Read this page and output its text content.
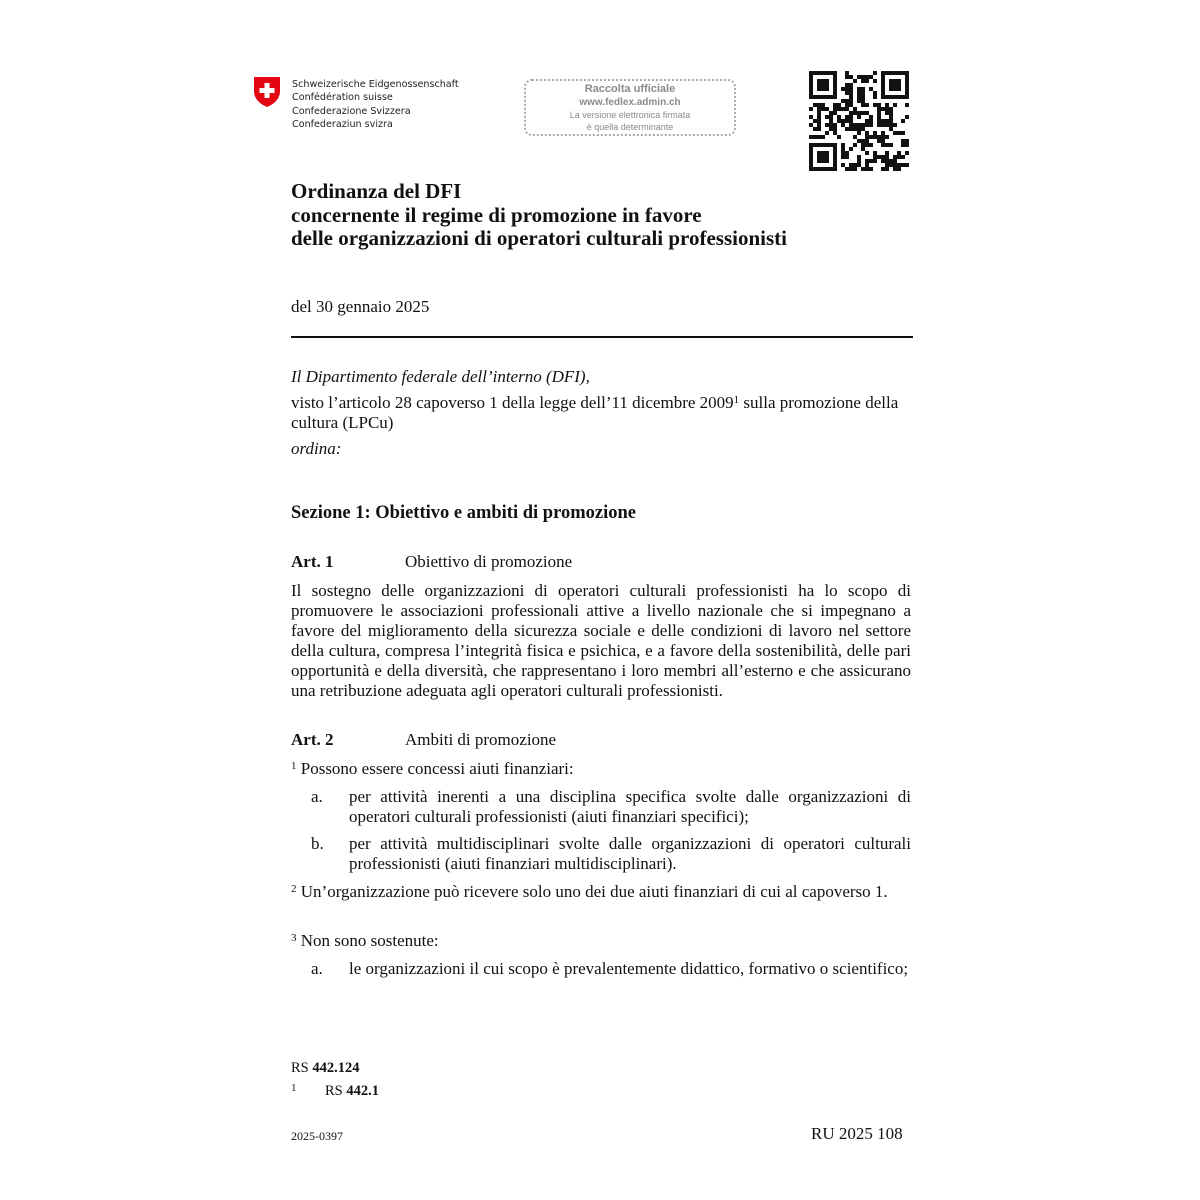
Schweizerische Eidgenossenschaft
Confédération suisse
Confederazione Svizzera
Confederaziun svizra
Raccolta ufficiale
www.fedlex.admin.ch
La versione elettronica firmata
è quella determinante
Ordinanza del DFI
concernente il regime di promozione in favore
delle organizzazioni di operatori culturali professionisti
del 30 gennaio 2025

Il Dipartimento federale dell’interno (DFI),

visto l’articolo 28 capoverso 1 della legge dell’11 dicembre 2009$^1$ sulla promozione della cultura (LPCu)

ordina:

Sezione 1: Obiettivo e ambiti di promozione
Art. 1	Obiettivo di promozione
Il sostegno delle organizzazioni di operatori culturali professionisti ha lo scopo di promuovere le associazioni professionali attive a livello nazionale che si impegnano a favore del miglioramento della sicurezza sociale e delle condizioni di lavoro nel settore della cultura, compresa l’integrità fisica e psichica, e a favore della sostenibilità, delle pari opportunità e della diversità, che rappresentano i loro membri all’esterno e che assicurano una retribuzione adeguata agli operatori culturali professionisti.
Art. 2	Ambiti di promozione
$^1$ Possono essere concessi aiuti finanziari:
a. per attività inerenti a una disciplina specifica svolte dalle organizzazioni di operatori culturali professionisti (aiuti finanziari specifici);
b. per attività multidisciplinari svolte dalle organizzazioni di operatori culturali professionisti (aiuti finanziari multidisciplinari).
$^2$ Un’organizzazione può ricevere solo uno dei due aiuti finanziari di cui al capoverso 1.
$^3$ Non sono sostenute:
a. le organizzazioni il cui scopo è prevalentemente didattico, formativo o scientifico;
RS 442.124
1 RS 442.1
2025-0397	RU 2025 108
